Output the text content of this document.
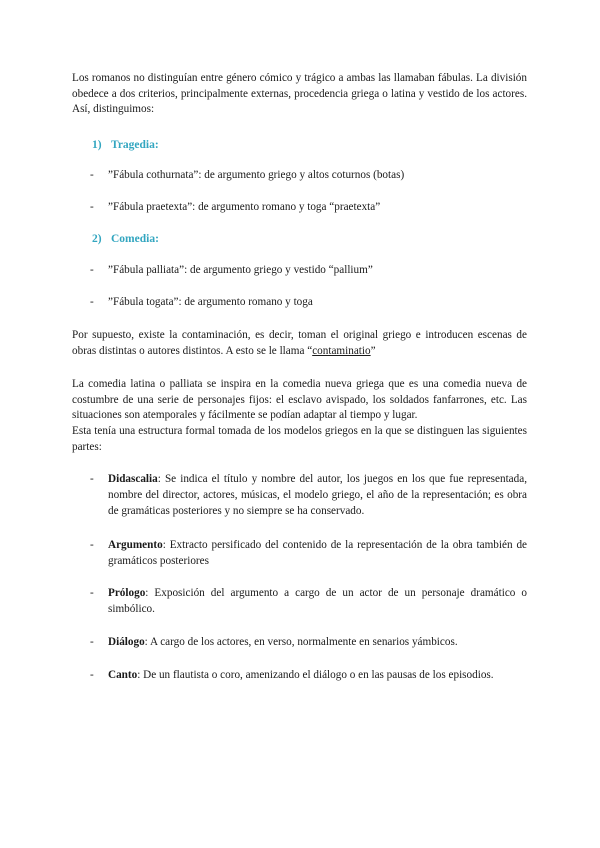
Los romanos no distinguían entre género cómico y trágico a ambas las llamaban fábulas. La división obedece a dos criterios, principalmente externas, procedencia griega o latina y vestido de los actores. Así, distinguimos:

1) Tragedia:
-	”Fábula cothurnata”: de argumento griego y altos coturnos (botas)
-	”Fábula praetexta”: de argumento romano y toga “praetexta”
2) Comedia:
-	”Fábula palliata”: de argumento griego y vestido “pallium”
-	”Fábula togata”: de argumento romano y toga

Por supuesto, existe la contaminación, es decir, toman el original griego e introducen escenas de obras distintas o autores distintos. A esto se le llama “contaminatio”

La comedia latina o palliata se inspira en la comedia nueva griega que es una comedia nueva de costumbre de una serie de personajes fijos: el esclavo avispado, los soldados fanfarrones, etc. Las situaciones son atemporales y fácilmente se podían adaptar al tiempo y lugar.

Esta tenía una estructura formal tomada de los modelos griegos en la que se distinguen las siguientes partes:

-	Didascalia: Se indica el título y nombre del autor, los juegos en los que fue representada, nombre del director, actores, músicas, el modelo griego, el año de la representación; es obra de gramáticas posteriores y no siempre se ha conservado.
-	Argumento: Extracto persificado del contenido de la representación de la obra también de gramáticos posteriores
-	Prólogo: Exposición del argumento a cargo de un actor de un personaje dramático o simbólico.
-	Diálogo: A cargo de los actores, en verso, normalmente en senarios yámbicos.
-	Canto: De un flautista o coro, amenizando el diálogo o en las pausas de los episodios.
